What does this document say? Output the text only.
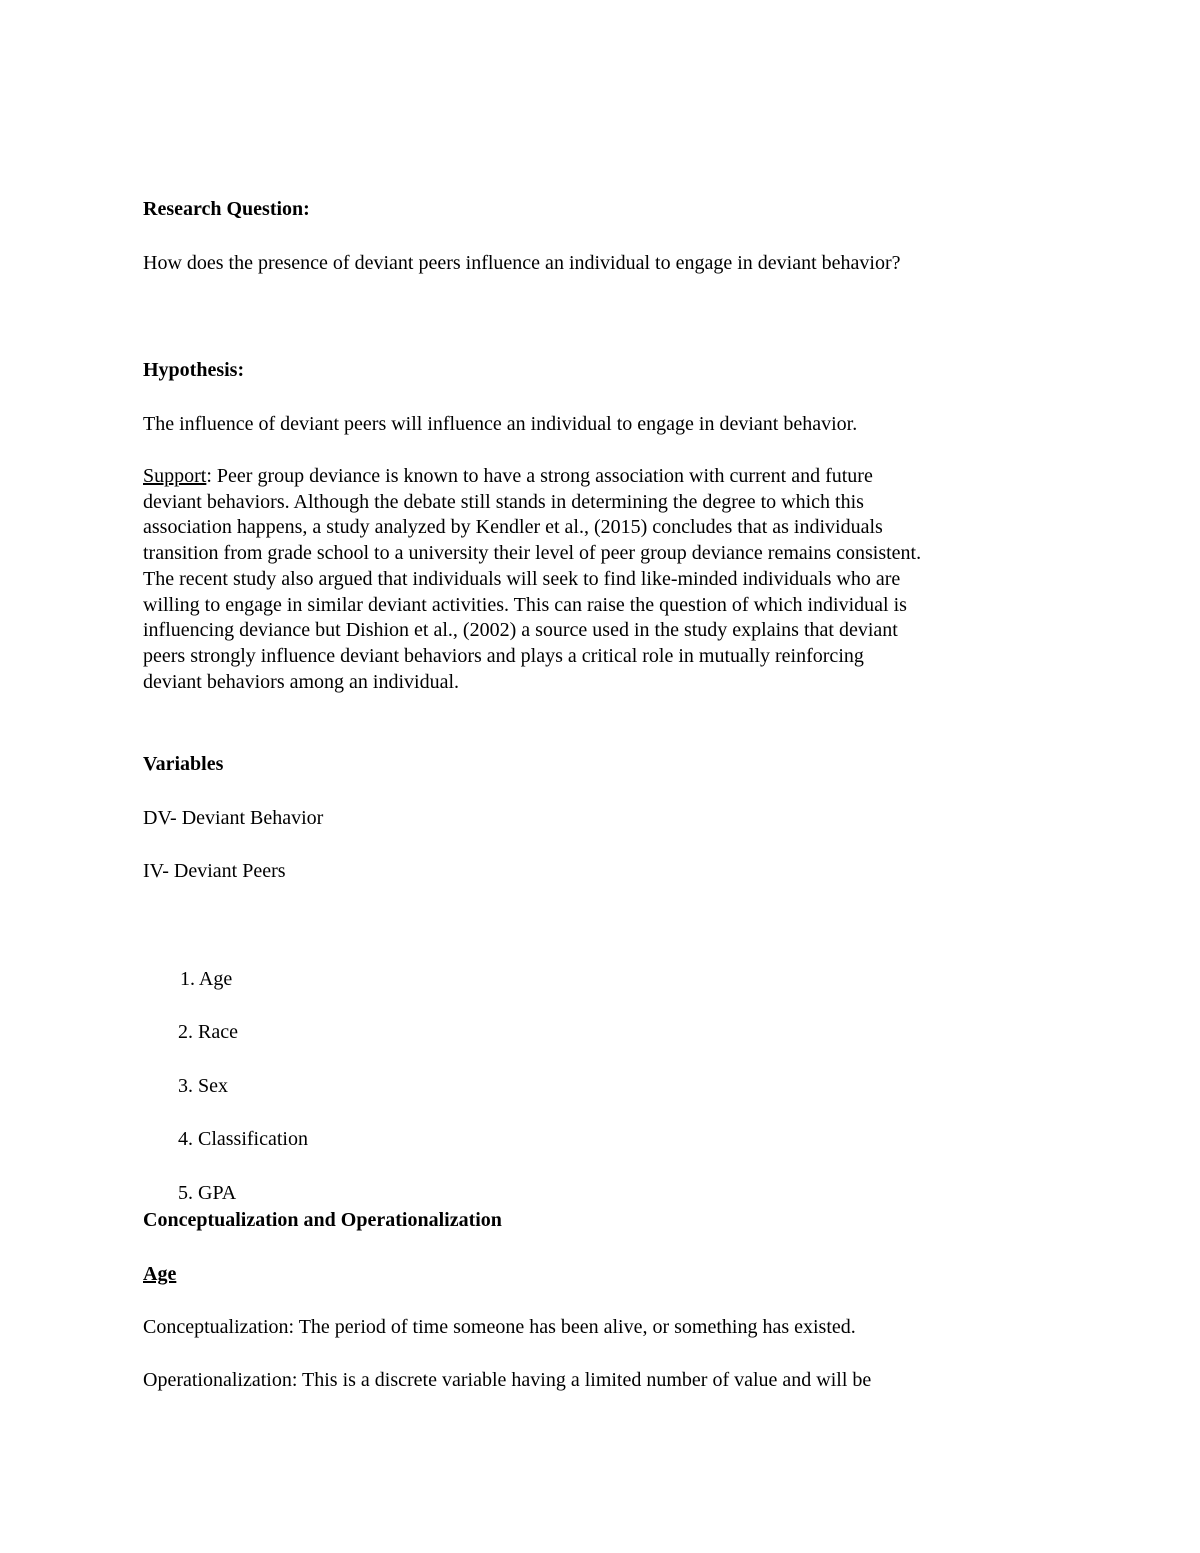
Research Question:

How does the presence of deviant peers influence an individual to engage in deviant behavior?

Hypothesis:

The influence of deviant peers will influence an individual to engage in deviant behavior.

Support: Peer group deviance is known to have a strong association with current and future

deviant behaviors. Although the debate still stands in determining the degree to which this

association happens, a study analyzed by Kendler et al., (2015) concludes that as individuals

transition from grade school to a university their level of peer group deviance remains consistent.

The recent study also argued that individuals will seek to find like-minded individuals who are

willing to engage in similar deviant activities. This can raise the question of which individual is

influencing deviance but Dishion et al., (2002) a source used in the study explains that deviant

peers strongly influence deviant behaviors and plays a critical role in mutually reinforcing

deviant behaviors among an individual.

Variables

DV- Deviant Behavior

IV- Deviant Peers

1. Age

2. Race

3. Sex

4. Classification

5. GPA

Conceptualization and Operationalization

Age

Conceptualization: The period of time someone has been alive, or something has existed.

Operationalization: This is a discrete variable having a limited number of value and will be
